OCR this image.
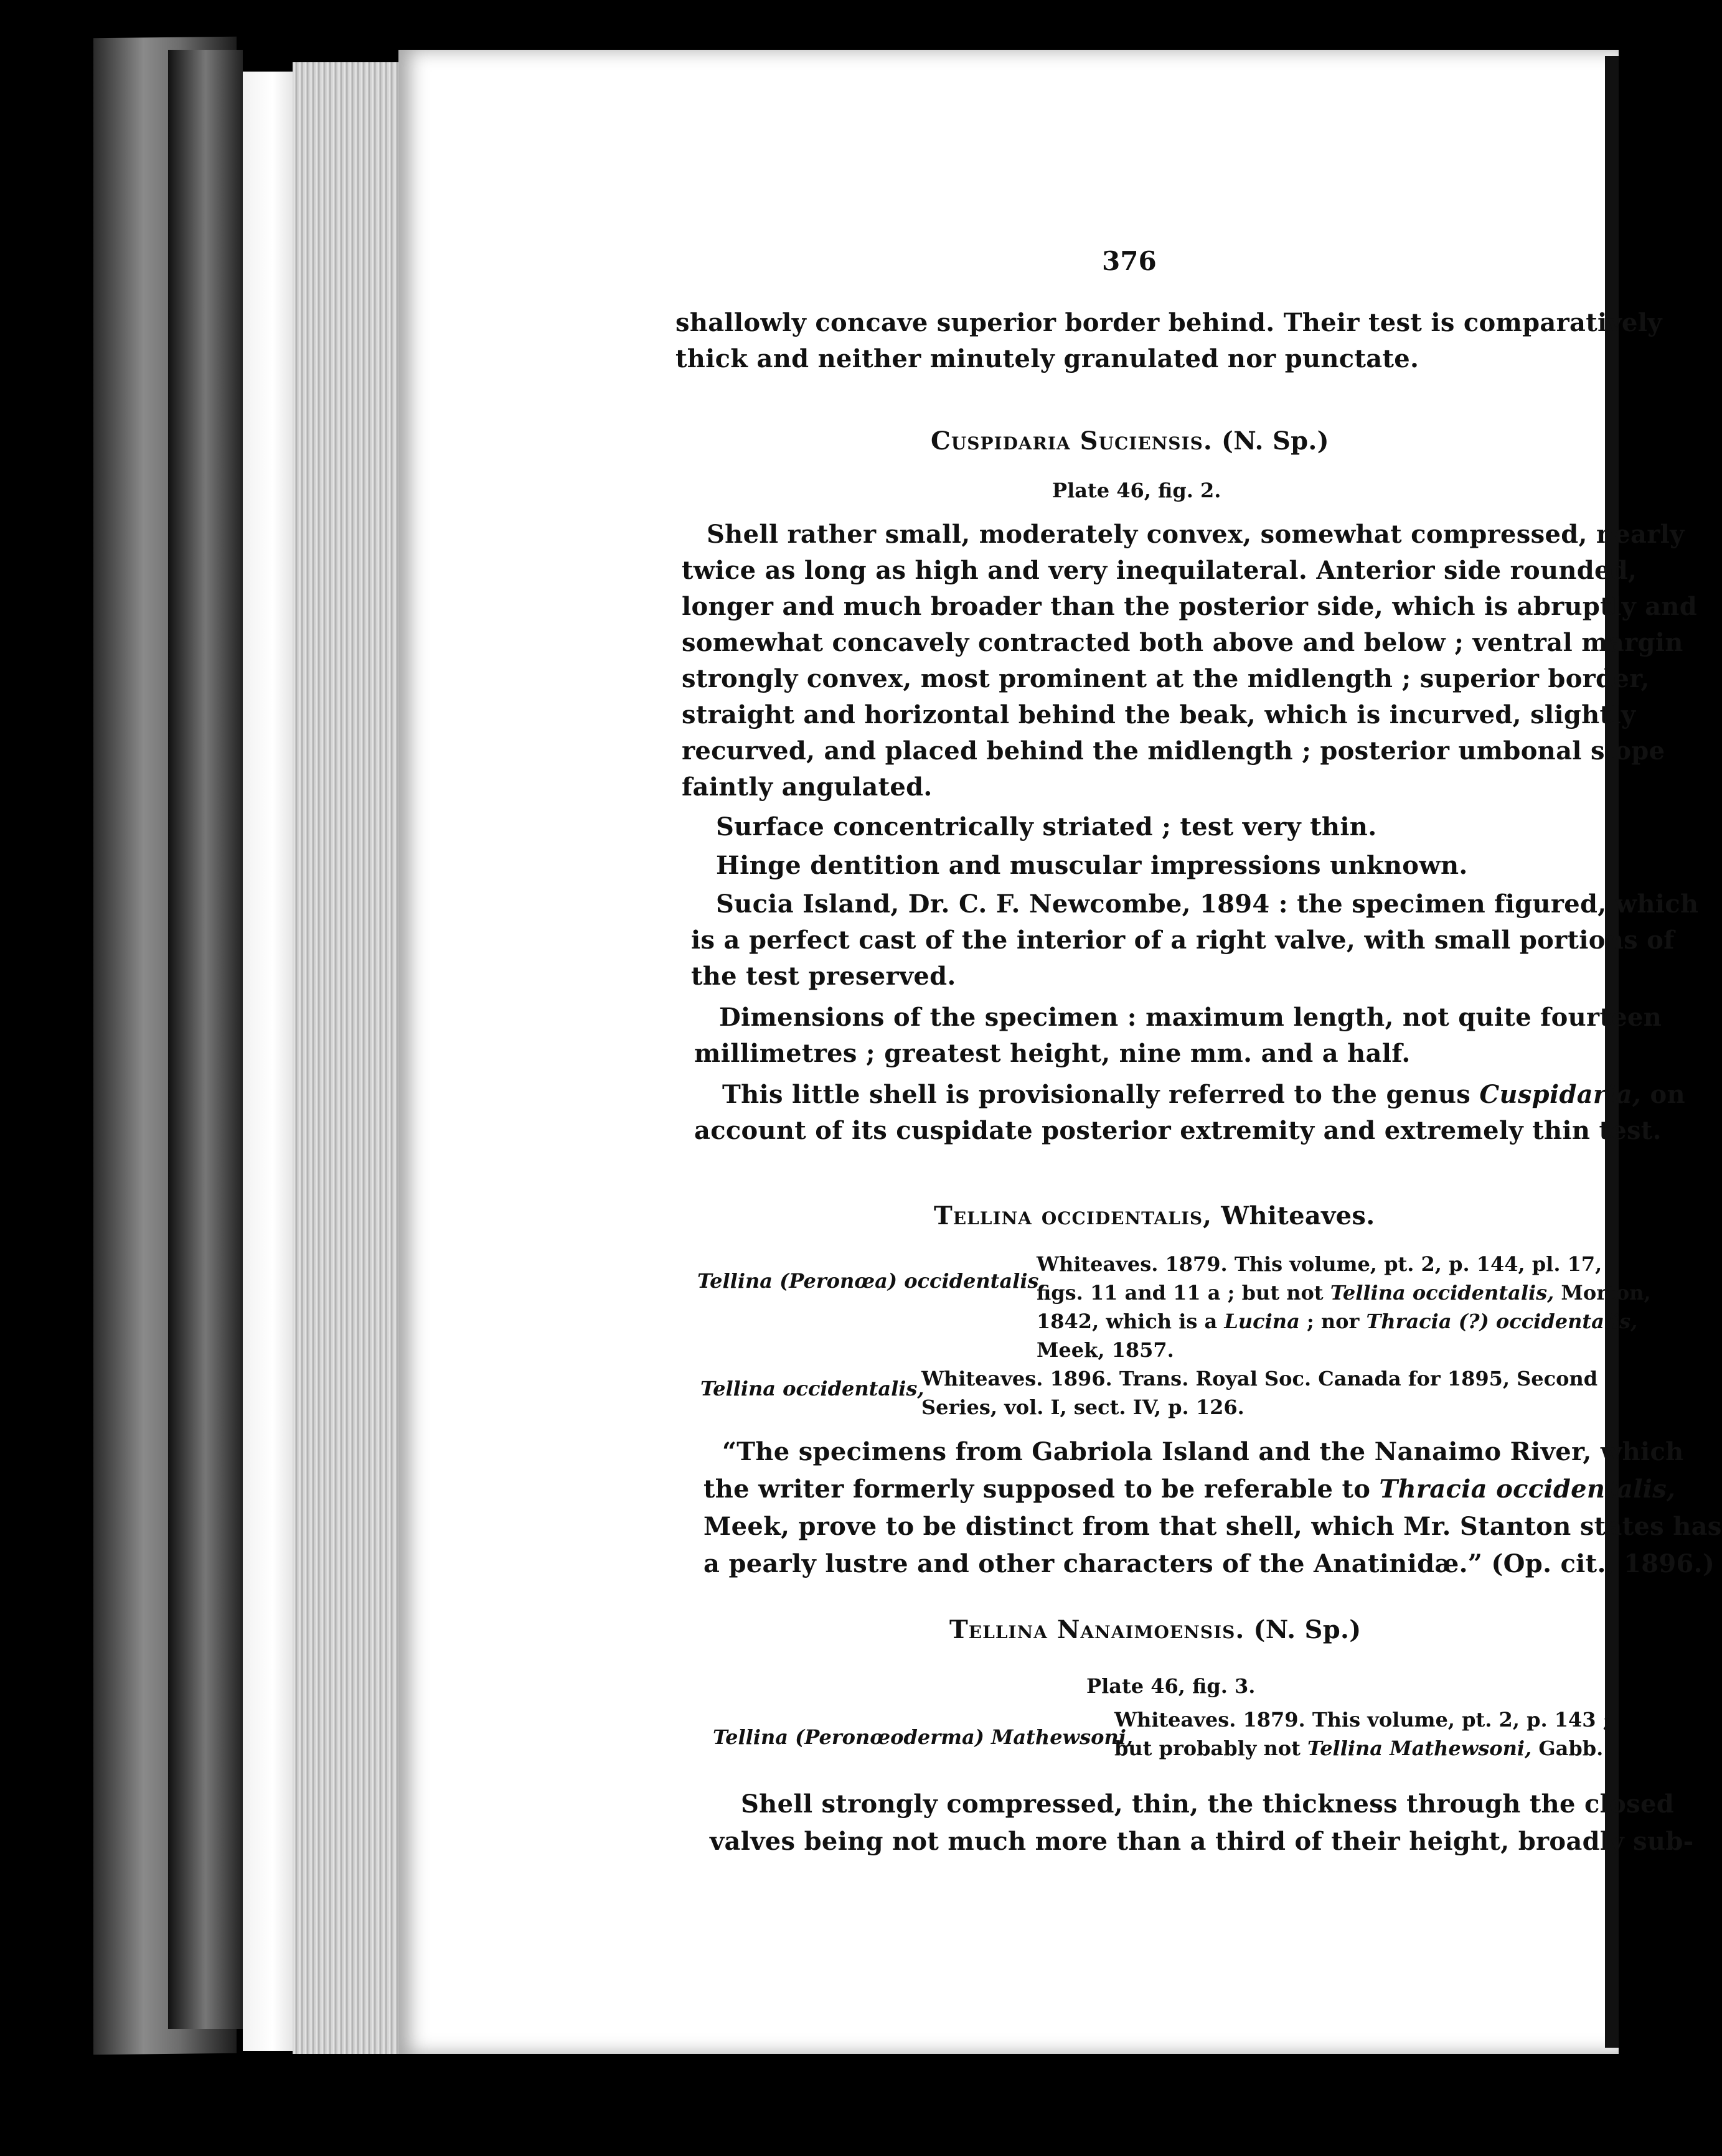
376
shallowly concave superior border behind. Their test is comparatively
thick and neither minutely granulated nor punctate.
Cuspidaria Suciensis. (N. Sp.)
Plate 46, fig. 2.
Shell rather small, moderately convex, somewhat compressed, nearly
twice as long as high and very inequilateral. Anterior side rounded,
longer and much broader than the posterior side, which is abruptly and
somewhat concavely contracted both above and below ; ventral margin
strongly convex, most prominent at the midlength ; superior border,
straight and horizontal behind the beak, which is incurved, slightly
recurved, and placed behind the midlength ; posterior umbonal slope
faintly angulated.
Surface concentrically striated ; test very thin.
Hinge dentition and muscular impressions unknown.
Sucia Island, Dr. C. F. Newcombe, 1894 : the specimen figured, which
is a perfect cast of the interior of a right valve, with small portions of
the test preserved.
Dimensions of the specimen : maximum length, not quite fourteen
millimetres ; greatest height, nine mm. and a half.
This little shell is provisionally referred to the genus Cuspidaria, on
account of its cuspidate posterior extremity and extremely thin test.
Tellina occidentalis, Whiteaves.
Tellina (Peronœa) occidentalis,
Whiteaves. 1879. This volume, pt. 2, p. 144, pl. 17,
figs. 11 and 11 a ; but not Tellina occidentalis, Morton,
1842, which is a Lucina ; nor Thracia (?) occidentalis,
Meek, 1857.
Tellina occidentalis,
Whiteaves. 1896. Trans. Royal Soc. Canada for 1895, Second
Series, vol. I, sect. IV, p. 126.
“The specimens from Gabriola Island and the Nanaimo River, which
the writer formerly supposed to be referable to Thracia occidentalis,
Meek, prove to be distinct from that shell, which Mr. Stanton states has
a pearly lustre and other characters of the Anatinidæ.” (Op. cit., 1896.)
Tellina Nanaimoensis. (N. Sp.)
Plate 46, fig. 3.
Tellina (Peronœoderma) Mathewsoni,
Whiteaves. 1879. This volume, pt. 2, p. 143 ;
but probably not Tellina Mathewsoni, Gabb.
Shell strongly compressed, thin, the thickness through the closed
valves being not much more than a third of their height, broadly sub-
